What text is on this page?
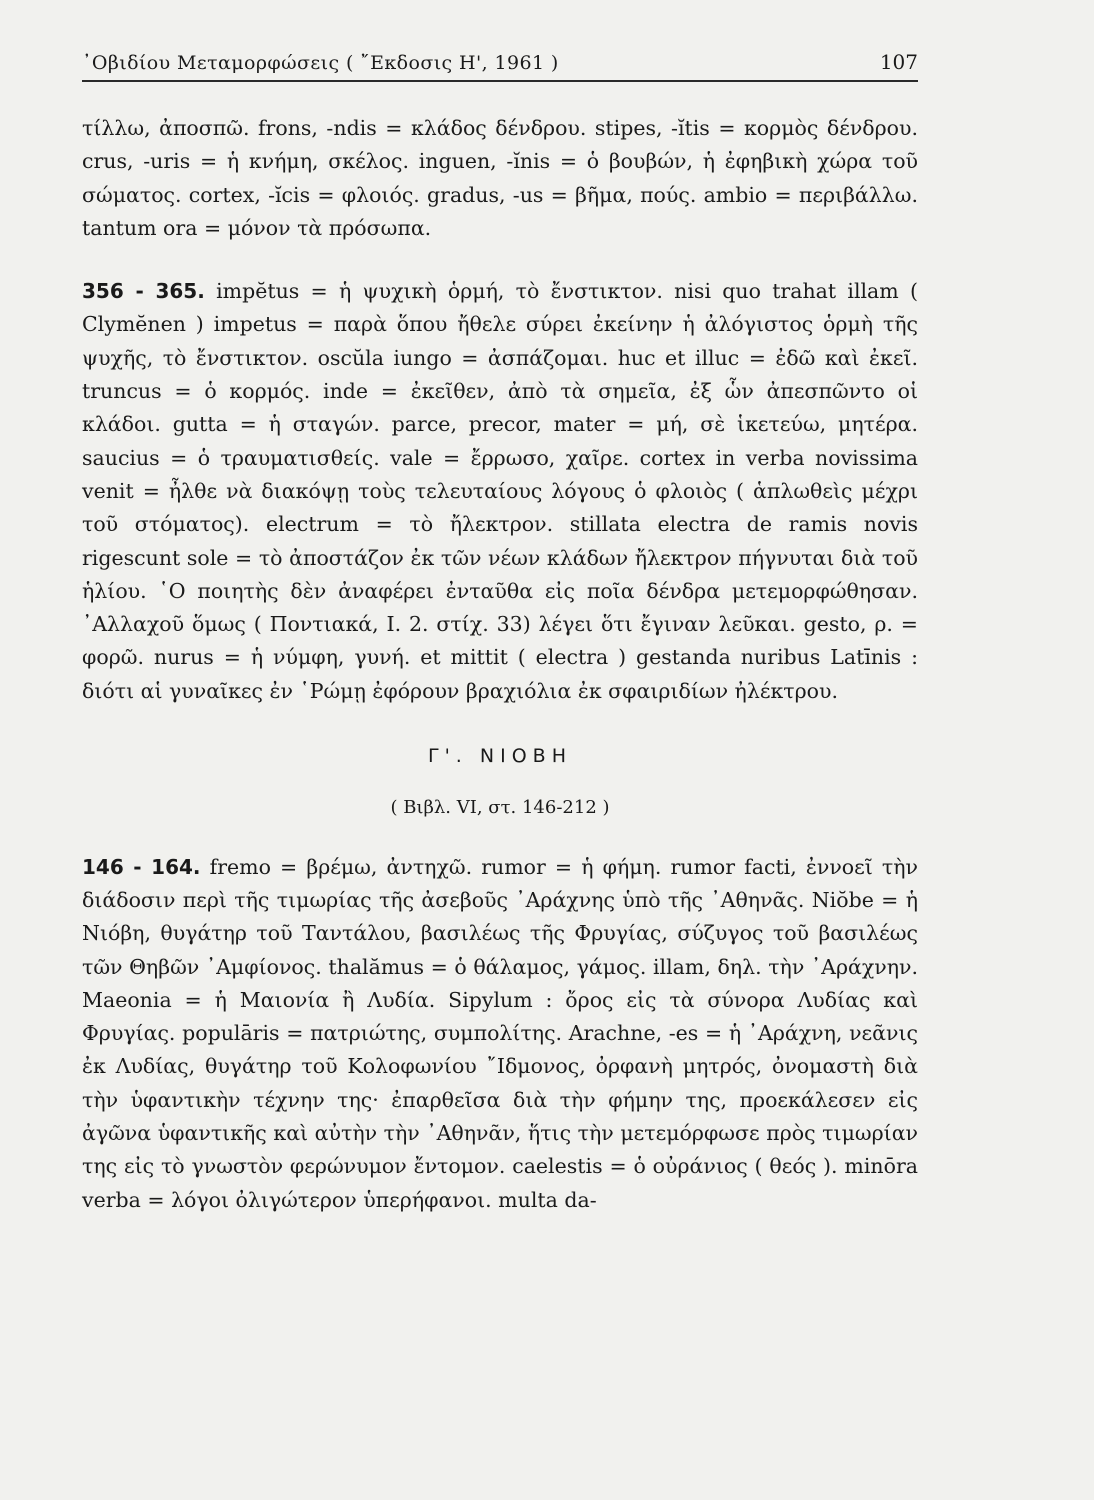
᾿Οβιδίου Μεταμορφώσεις ( ῎Εκδοσις Η', 1961 )	107

τίλλω, ἀποσπῶ. frons, -ndis = κλάδος δένδρου. stipes, -ĭtis = κορμὸς δένδρου. crus, -uris = ἡ κνήμη, σκέλος. inguen, -ĭnis = ὁ βουβών, ἡ ἐφηβικὴ χώρα τοῦ σώματος. cortex, -ĭcis = φλοιός. gradus, -us = βῆμα, πούς. ambio = περιβάλλω. tantum ora = μόνον τὰ πρόσωπα.

356 - 365. impĕtus = ἡ ψυχικὴ ὁρμή, τὸ ἔνστικτον. nisi quo trahat illam ( Clymĕnen ) impetus = παρὰ ὅπου ἤθελε σύρει ἐκείνην ἡ ἀλόγιστος ὁρμὴ τῆς ψυχῆς, τὸ ἔνστικτον. oscŭla iungo = ἀσπάζομαι. huc et illuc = ἐδῶ καὶ ἐκεῖ. truncus = ὁ κορμός. inde = ἐκεῖθεν, ἀπὸ τὰ σημεῖα, ἐξ ὧν ἀπεσπῶντο οἱ κλάδοι. gutta = ἡ σταγών. parce, precor, mater = μή, σὲ ἱκετεύω, μητέρα. saucius = ὁ τραυματισθείς. vale = ἔρρωσο, χαῖρε. cortex in verba novissima venit = ἦλθε νὰ διακόψῃ τοὺς τελευταίους λόγους ὁ φλοιὸς ( ἁπλωθεὶς μέχρι τοῦ στόματος). electrum = τὸ ἤλεκτρον. stillata electra de ramis novis rigescunt sole = τὸ ἀποστάζον ἐκ τῶν νέων κλάδων ἤλεκτρον πήγνυται διὰ τοῦ ἡλίου. ῾Ο ποιητὴς δὲν ἀναφέρει ἐνταῦθα εἰς ποῖα δένδρα μετεμορφώθησαν. ᾿Αλλαχοῦ ὅμως ( Ποντιακά, I. 2. στίχ. 33) λέγει ὅτι ἔγιναν λεῦκαι. gesto, ρ. = φορῶ. nurus = ἡ νύμφη, γυνή. et mittit ( electra ) gestanda nuribus Latīnis : διότι αἱ γυναῖκες ἐν ῾Ρώμῃ ἐφόρουν βραχιόλια ἐκ σφαιριδίων ἠλέκτρου.

Γ'. ΝΙΟΒΗ
( Βιβλ. VI, στ. 146-212 )

146 - 164. fremo = βρέμω, ἀντηχῶ. rumor = ἡ φήμη. rumor facti, ἐννοεῖ τὴν διάδοσιν περὶ τῆς τιμωρίας τῆς ἀσεβοῦς ᾿Αράχνης ὑπὸ τῆς ᾿Αθηνᾶς. Niŏbe = ἡ Νιόβη, θυγάτηρ τοῦ Ταντάλου, βασιλέως τῆς Φρυγίας, σύζυγος τοῦ βασιλέως τῶν Θηβῶν ᾿Αμφίονος. thalămus = ὁ θάλαμος, γάμος. illam, δηλ. τὴν ᾿Αράχνην. Maeonia = ἡ Μαιονία ἢ Λυδία. Sipylum : ὄρος εἰς τὰ σύνορα Λυδίας καὶ Φρυγίας. populāris = πατριώτης, συμπολίτης. Arachne, -es = ἡ ᾿Αράχνη, νεᾶνις ἐκ Λυδίας, θυγάτηρ τοῦ Κολοφωνίου ῎Ιδμονος, ὀρφανὴ μητρός, ὀνομαστὴ διὰ τὴν ὑφαντικὴν τέχνην της· ἐπαρθεῖσα διὰ τὴν φήμην της, προεκάλεσεν εἰς ἀγῶνα ὑφαντικῆς καὶ αὐτὴν τὴν ᾿Αθηνᾶν, ἥτις τὴν μετεμόρφωσε πρὸς τιμωρίαν της εἰς τὸ γνωστὸν φερώνυμον ἔντομον. caelestis = ὁ οὐράνιος ( θεός ). minōra verba = λόγοι ὀλιγώτερον ὑπερήφανοι. multa da-
